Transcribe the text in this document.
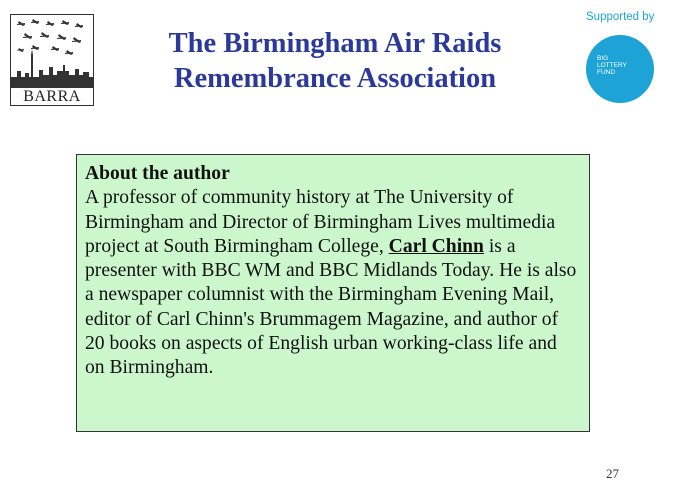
BARRA
The Birmingham Air Raids
Remembrance Association
Supported by
BIG
LOTTERY
FUND
About the author
A professor of community history at The University of Birmingham and Director of Birmingham Lives multimedia project at South Birmingham College, Carl Chinn is a presenter with BBC WM and BBC Midlands Today. He is also a newspaper columnist with the Birmingham Evening Mail, editor of Carl Chinn's Brummagem Magazine, and author of 20 books on aspects of English urban working-class life and on Birmingham.
27
